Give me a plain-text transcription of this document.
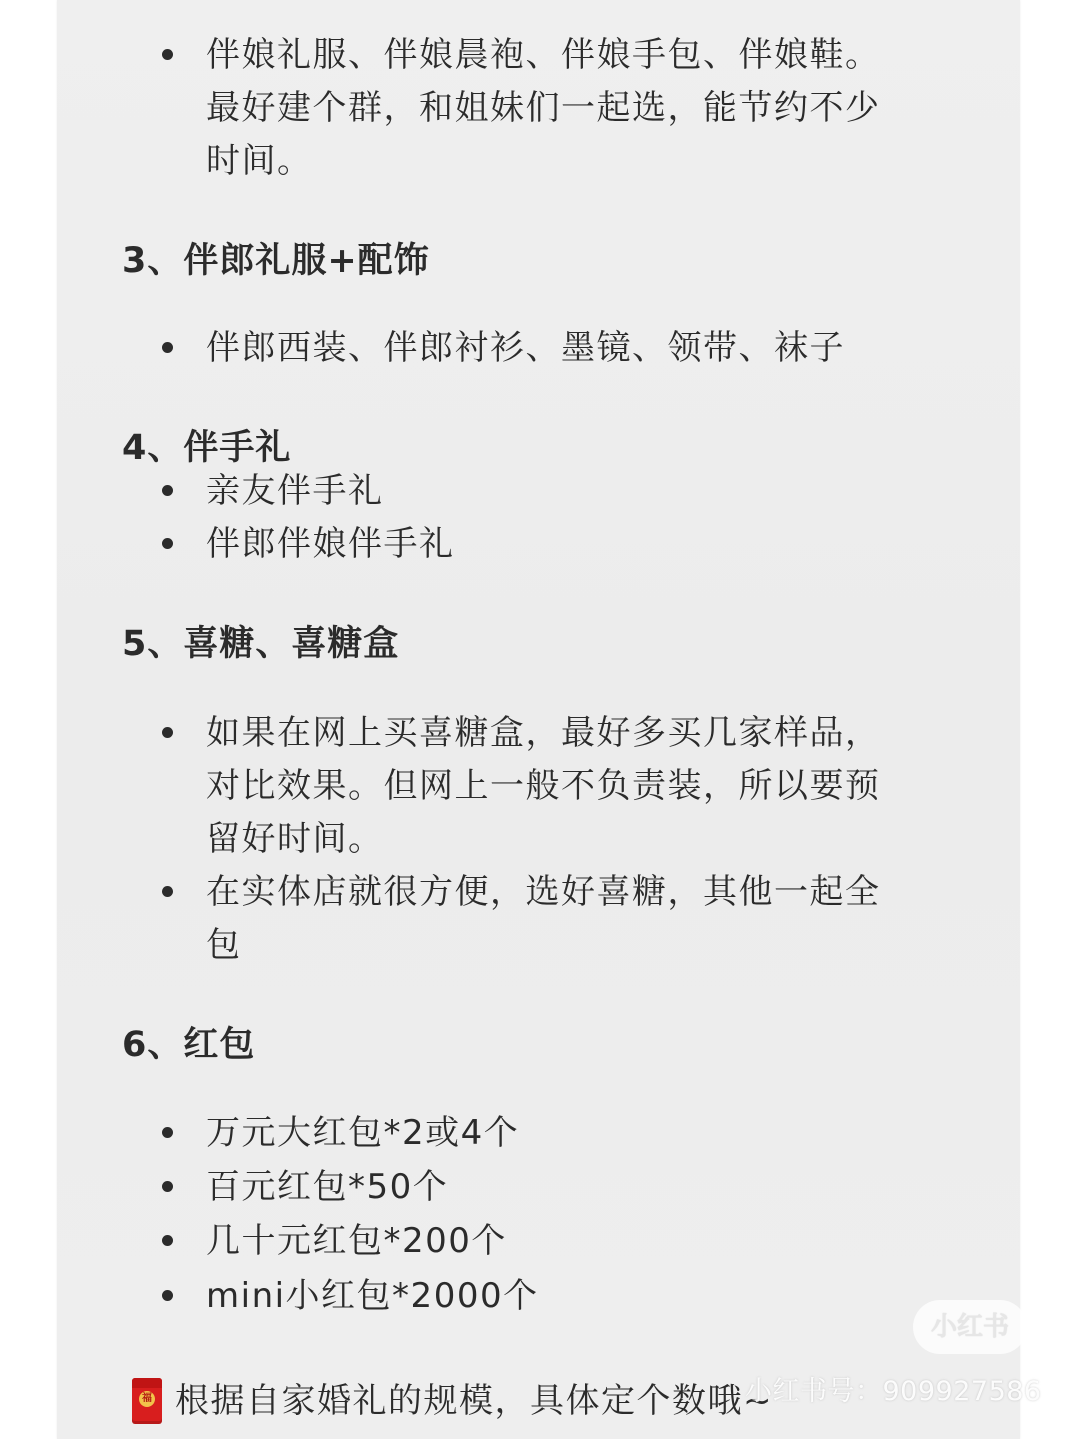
伴娘礼服、伴娘晨袍、伴娘手包、伴娘鞋。
最好建个群，和姐妹们一起选，能节约不少
时间。
3、伴郎礼服+配饰
伴郎西装、伴郎衬衫、墨镜、领带、袜子
4、伴手礼
亲友伴手礼
伴郎伴娘伴手礼
5、喜糖、喜糖盒
如果在网上买喜糖盒，最好多买几家样品，
对比效果。但网上一般不负责装，所以要预
留好时间。
在实体店就很方便，选好喜糖，其他一起全
包
6、红包
万元大红包*2或4个
百元红包*50个
几十元红包*200个
mini小红包*2000个
福 根据自家婚礼的规模，具体定个数哦~
小红书
小红书号：909927586
